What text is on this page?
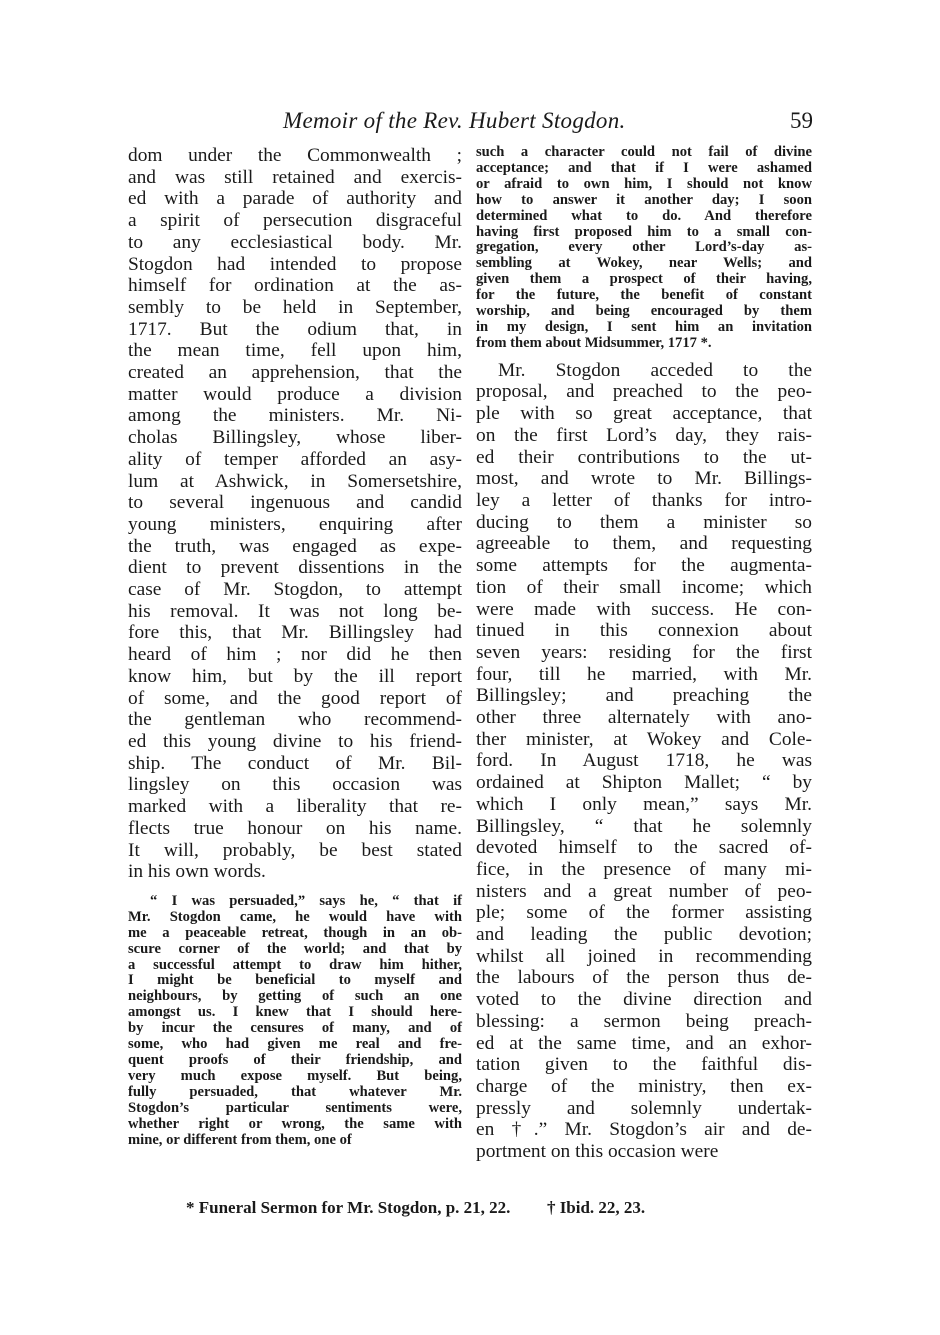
Memoir of the Rev. Hubert Stogdon.	59
dom under the Commonwealth ;
and was still retained and exercis-
ed with a parade of authority and
a spirit of persecution disgraceful
to any ecclesiastical body. Mr.
Stogdon had intended to propose
himself for ordination at the as-
sembly to be held in September,
1717. But the odium that, in
the mean time, fell upon him,
created an apprehension, that the
matter would produce a division
among the ministers. Mr. Ni-
cholas Billingsley, whose liber-
ality of temper afforded an asy-
lum at Ashwick, in Somersetshire,
to several ingenuous and candid
young ministers, enquiring after
the truth, was engaged as expe-
dient to prevent dissentions in the
case of Mr. Stogdon, to attempt
his removal. It was not long be-
fore this, that Mr. Billingsley had
heard of him ; nor did he then
know him, but by the ill report
of some, and the good report of
the gentleman who recommend-
ed this young divine to his friend-
ship. The conduct of Mr. Bil-
lingsley on this occasion was
marked with a liberality that re-
flects true honour on his name.
It will, probably, be best stated
in his own words.
“ I was persuaded,” says he, “ that if
Mr. Stogdon came, he would have with
me a peaceable retreat, though in an ob-
scure corner of the world; and that by
a successful attempt to draw him hither,
I might be beneficial to myself and
neighbours, by getting of such an one
amongst us. I knew that I should here-
by incur the censures of many, and of
some, who had given me real and fre-
quent proofs of their friendship, and
very much expose myself. But being,
fully persuaded, that whatever Mr.
Stogdon’s particular sentiments were,
whether right or wrong, the same with
mine, or different from them, one of
such a character could not fail of divine
acceptance; and that if I were ashamed
or afraid to own him, I should not know
how to answer it another day; I soon
determined what to do. And therefore
having first proposed him to a small con-
gregation, every other Lord’s-day as-
sembling at Wokey, near Wells; and
given them a prospect of their having,
for the future, the benefit of constant
worship, and being encouraged by them
in my design, I sent him an invitation
from them about Midsummer, 1717 *.
Mr. Stogdon acceded to the
proposal, and preached to the peo-
ple with so great acceptance, that
on the first Lord’s day, they rais-
ed their contributions to the ut-
most, and wrote to Mr. Billings-
ley a letter of thanks for intro-
ducing to them a minister so
agreeable to them, and requesting
some attempts for the augmenta-
tion of their small income; which
were made with success. He con-
tinued in this connexion about
seven years: residing for the first
four, till he married, with Mr.
Billingsley; and preaching the
other three alternately with ano-
ther minister, at Wokey and Cole-
ford. In August 1718, he was
ordained at Shipton Mallet; “ by
which I only mean,” says Mr.
Billingsley, “ that he solemnly
devoted himself to the sacred of-
fice, in the presence of many mi-
nisters and a great number of peo-
ple; some of the former assisting
and leading the public devotion;
whilst all joined in recommending
the labours of the person thus de-
voted to the divine direction and
blessing: a sermon being preach-
ed at the same time, and an exhor-
tation given to the faithful dis-
charge of the ministry, then ex-
pressly and solemnly undertak-
en †.” Mr. Stogdon’s air and de-
portment on this occasion were
* Funeral Sermon for Mr. Stogdon, p. 21, 22. † Ibid. 22, 23.
